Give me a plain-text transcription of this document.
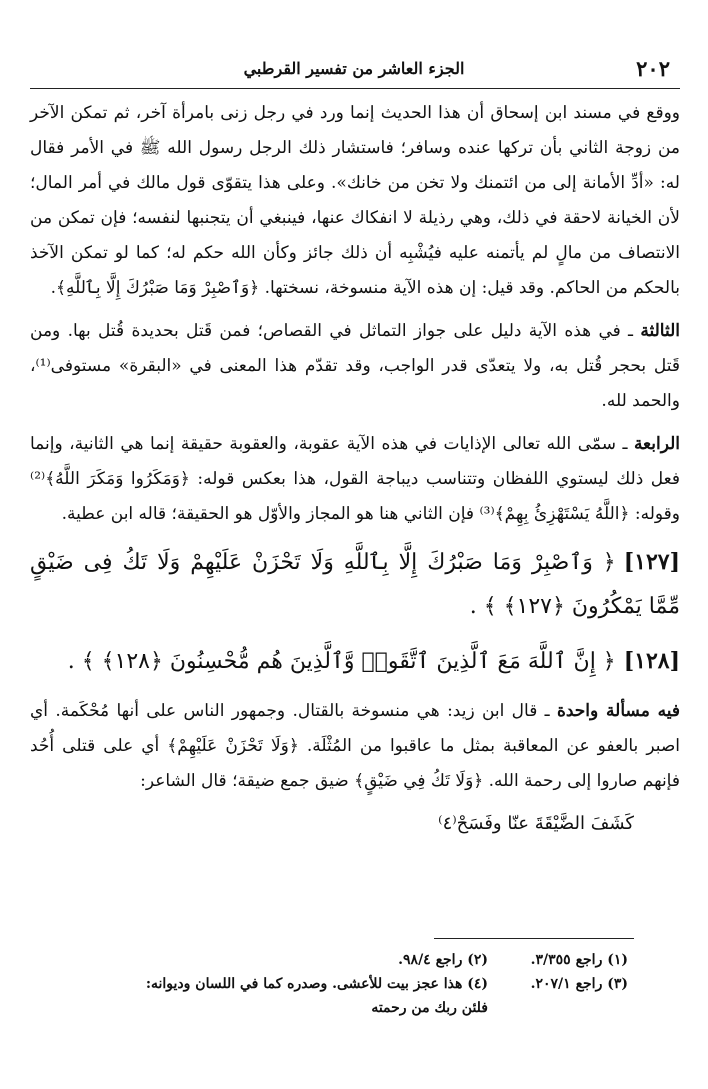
٢٠٢
الجزء العاشر من تفسير القرطبي

ووقع في مسند ابن إسحاق أن هذا الحديث إنما ورد في رجل زنى بامرأة آخر، ثم تمكن الآخر من زوجة الثاني بأن تركها عنده وسافر؛ فاستشار ذلك الرجل رسول الله ﷺ في الأمر فقال له: «أدِّ الأمانة إلى من ائتمنك ولا تخن من خانك». وعلى هذا يتقوّى قول مالك في أمر المال؛ لأن الخيانة لاحقة في ذلك، وهي رذيلة لا انفكاك عنها، فينبغي أن يتجنبها لنفسه؛ فإن تمكن من الانتصاف من مالٍ لم يأتمنه عليه فيُشْبِه أن ذلك جائز وكأن الله حكم له؛ كما لو تمكن الآخذ بالحكم من الحاكم. وقد قيل: إن هذه الآية منسوخة، نسختها. ﴿وَٱصْبِرْ وَمَا صَبْرُكَ إِلَّا بِٱللَّهِ﴾.

الثالثة ـ في هذه الآية دليل على جواز التماثل في القصاص؛ فمن قَتل بحديدة قُتل بها. ومن قَتل بحجر قُتل به، ولا يتعدّى قدر الواجب، وقد تقدّم هذا المعنى في «البقرة» مستوفى⁽¹⁾، والحمد لله.

الرابعة ـ سمّى الله تعالى الإذايات في هذه الآية عقوبة، والعقوبة حقيقة إنما هي الثانية، وإنما فعل ذلك ليستوي اللفظان وتتناسب ديباجة القول، هذا بعكس قوله: ﴿وَمَكَرُوا وَمَكَرَ اللَّهُ﴾⁽²⁾ وقوله: ﴿اللَّهُ يَسْتَهْزِئُ بِهِمْ﴾⁽³⁾ فإن الثاني هنا هو المجاز والأوّل هو الحقيقة؛ قاله ابن عطية.

[١٢٧]﴿ وَٱصْبِرْ وَمَا صَبْرُكَ إِلَّا بِٱللَّهِ وَلَا تَحْزَنْ عَلَيْهِمْ وَلَا تَكُ فِى ضَيْقٍ مِّمَّا يَمْكُرُونَ ﴿١٢٧﴾ ﴾ .

[١٢٨]﴿ إِنَّ ٱللَّهَ مَعَ ٱلَّذِينَ ٱتَّقَوا۟ وَّٱلَّذِينَ هُم مُّحْسِنُونَ ﴿١٢٨﴾ ﴾ .

فيه مسألة واحدة ـ قال ابن زيد: هي منسوخة بالقتال. وجمهور الناس على أنها مُحْكَمة. أي اصبر بالعفو عن المعاقبة بمثل ما عاقبوا من المُثْلَة. ﴿وَلَا تَحْزَنْ عَلَيْهِمْ﴾ أي على قتلى أُحُد فإنهم صاروا إلى رحمة الله. ﴿وَلَا تَكُ فِي ضَيْقٍ﴾ ضيق جمع ضيقة؛ قال الشاعر:

كَشَفَ الضَّيْقَةَ عنّا وفَسَحْ⁽٤⁾
(١) راجع ٣/٣٥٥.
(٢) راجع ٩٨/٤.
(٣) راجع ٢٠٧/١.
(٤) هذا عجز بيت للأعشى. وصدره كما في اللسان وديوانه:
فلئن ربك من رحمته
